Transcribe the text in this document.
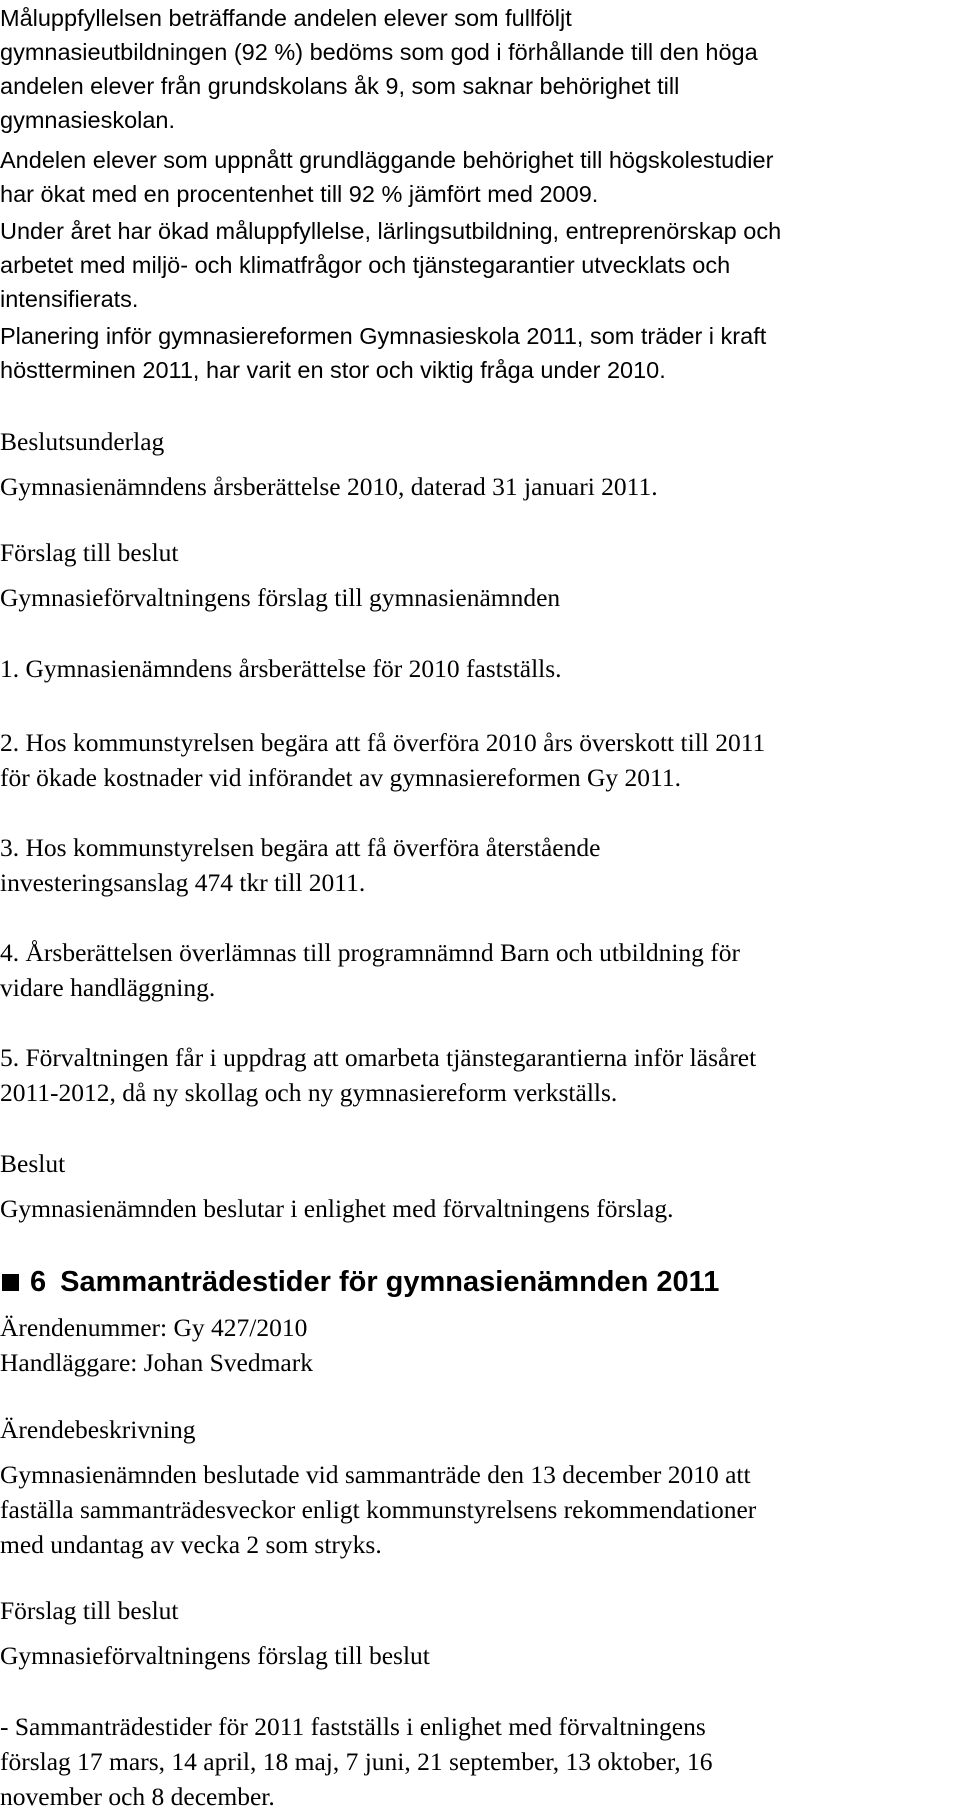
Måluppfyllelsen beträffande andelen elever som fullföljt
gymnasieutbildningen (92 %) bedöms som god i förhållande till den höga
andelen elever från grundskolans åk 9, som saknar behörighet till
gymnasieskolan.
Andelen elever som uppnått grundläggande behörighet till högskolestudier
har ökat med en procentenhet till 92 % jämfört med 2009.
Under året har ökad måluppfyllelse, lärlingsutbildning, entreprenörskap och
arbetet med miljö- och klimatfrågor och tjänstegarantier utvecklats och
intensifierats.
Planering inför gymnasiereformen Gymnasieskola 2011, som träder i kraft
höstterminen 2011, har varit en stor och viktig fråga under 2010.
Beslutsunderlag
Gymnasienämndens årsberättelse 2010, daterad 31 januari 2011.
Förslag till beslut
Gymnasieförvaltningens förslag till gymnasienämnden
1. Gymnasienämndens årsberättelse för 2010 fastställs.
2. Hos kommunstyrelsen begära att få överföra 2010 års överskott till 2011
för ökade kostnader vid införandet av gymnasiereformen Gy 2011.
3. Hos kommunstyrelsen begära att få överföra återstående
investeringsanslag 474 tkr till 2011.
4. Årsberättelsen överlämnas till programnämnd Barn och utbildning för
vidare handläggning.
5. Förvaltningen får i uppdrag att omarbeta tjänstegarantierna inför läsåret
2011-2012, då ny skollag och ny gymnasiereform verkställs.
Beslut
Gymnasienämnden beslutar i enlighet med förvaltningens förslag.
6 Sammanträdestider för gymnasienämnden 2011
Ärendenummer: Gy 427/2010
Handläggare: Johan Svedmark
Ärendebeskrivning
Gymnasienämnden beslutade vid sammanträde den 13 december 2010 att
faställa sammanträdesveckor enligt kommunstyrelsens rekommendationer
med undantag av vecka 2 som stryks.
Förslag till beslut
Gymnasieförvaltningens förslag till beslut
- Sammanträdestider för 2011 fastställs i enlighet med förvaltningens
förslag 17 mars, 14 april, 18 maj, 7 juni, 21 september, 13 oktober, 16
november och 8 december.
